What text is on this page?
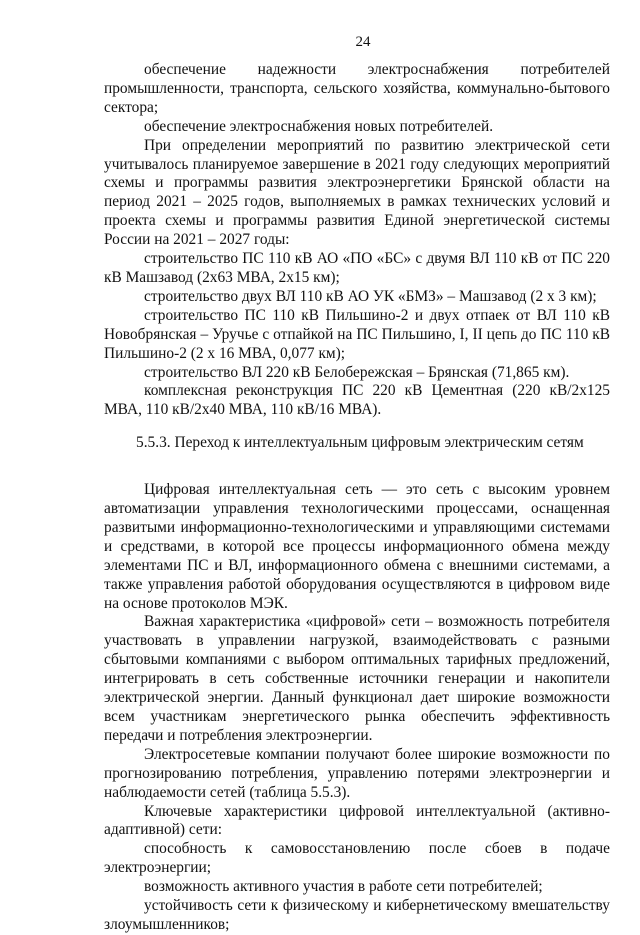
24

обеспечение надежности электроснабжения потребителей промышленности, транспорта, сельского хозяйства, коммунально-бытового сектора;

обеспечение электроснабжения новых потребителей.

При определении мероприятий по развитию электрической сети учитывалось планируемое завершение в 2021 году следующих мероприятий схемы и программы развития электроэнергетики Брянской области на период 2021 – 2025 годов, выполняемых в рамках технических условий и проекта схемы и программы развития Единой энергетической системы России на 2021 – 2027 годы:

строительство ПС 110 кВ АО «ПО «БС» с двумя ВЛ 110 кВ от ПС 220 кВ Машзавод (2х63 МВА, 2х15 км);

строительство двух ВЛ 110 кВ АО УК «БМЗ» – Машзавод (2 х 3 км);

строительство ПС 110 кВ Пильшино-2 и двух отпаек от ВЛ 110 кВ Новобрянская – Уручье с отпайкой на ПС Пильшино, I, II цепь до ПС 110 кВ Пильшино-2 (2 х 16 МВА, 0,077 км);

строительство ВЛ 220 кВ Белобережская – Брянская (71,865 км).

комплексная реконструкция ПС 220 кВ Цементная (220 кВ/2х125 МВА, 110 кВ/2х40 МВА, 110 кВ/16 МВА).

5.5.3. Переход к интеллектуальным цифровым электрическим сетям

Цифровая интеллектуальная сеть — это сеть с высоким уровнем автоматизации управления технологическими процессами, оснащенная развитыми информационно-технологическими и управляющими системами и средствами, в которой все процессы информационного обмена между элементами ПС и ВЛ, информационного обмена с внешними системами, а также управления работой оборудования осуществляются в цифровом виде на основе протоколов МЭК.

Важная характеристика «цифровой» сети – возможность потребителя участвовать в управлении нагрузкой, взаимодействовать с разными сбытовыми компаниями с выбором оптимальных тарифных предложений, интегрировать в сеть собственные источники генерации и накопители электрической энергии. Данный функционал дает широкие возможности всем участникам энергетического рынка обеспечить эффективность передачи и потребления электроэнергии.

Электросетевые компании получают более широкие возможности по прогнозированию потребления, управлению потерями электроэнергии и наблюдаемости сетей (таблица 5.5.3).

Ключевые характеристики цифровой интеллектуальной (активно-адаптивной) сети:

способность к самовосстановлению после сбоев в подаче электроэнергии;

возможность активного участия в работе сети потребителей;

устойчивость сети к физическому и кибернетическому вмешательству злоумышленников;
